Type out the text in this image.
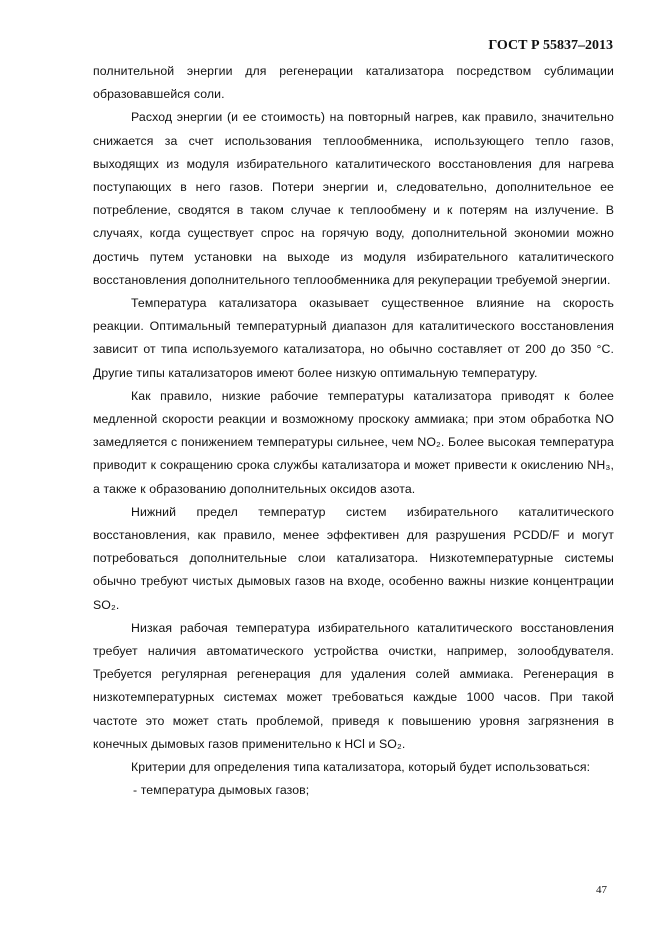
ГОСТ Р 55837–2013

полнительной энергии для регенерации катализатора посредством сублимации образовавшейся соли.

Расход энергии (и ее стоимость) на повторный нагрев, как правило, значительно снижается за счет использования теплообменника, использующего тепло газов, выходящих из модуля избирательного каталитического восстановления для нагрева поступающих в него газов. Потери энергии и, следовательно, дополнительное ее потребление, сводятся в таком случае к теплообмену и к потерям на излучение. В случаях, когда существует спрос на горячую воду, дополнительной экономии можно достичь путем установки на выходе из модуля избирательного каталитического восстановления дополнительного теплообменника для рекуперации требуемой энергии.

Температура катализатора оказывает существенное влияние на скорость реакции. Оптимальный температурный диапазон для каталитического восстановления зависит от типа используемого катализатора, но обычно составляет от 200 до 350 °С. Другие типы катализаторов имеют более низкую оптимальную температуру.

Как правило, низкие рабочие температуры катализатора приводят к более медленной скорости реакции и возможному проскоку аммиака; при этом обработка NO замедляется с понижением температуры сильнее, чем NO₂. Более высокая температура приводит к сокращению срока службы катализатора и может привести к окислению NH₃, а также к образованию дополнительных оксидов азота.

Нижний предел температур систем избирательного каталитического восстановления, как правило, менее эффективен для разрушения PCDD/F и могут потребоваться дополнительные слои катализатора. Низкотемпературные системы обычно требуют чистых дымовых газов на входе, особенно важны низкие концентрации SO₂.

Низкая рабочая температура избирательного каталитического восстановления требует наличия автоматического устройства очистки, например, золообдувателя. Требуется регулярная регенерация для удаления солей аммиака. Регенерация в низкотемпературных системах может требоваться каждые 1000 часов. При такой частоте это может стать проблемой, приведя к повышению уровня загрязнения в конечных дымовых газов применительно к HCl и SO₂.

Критерии для определения типа катализатора, который будет использоваться:

- температура дымовых газов;

47
